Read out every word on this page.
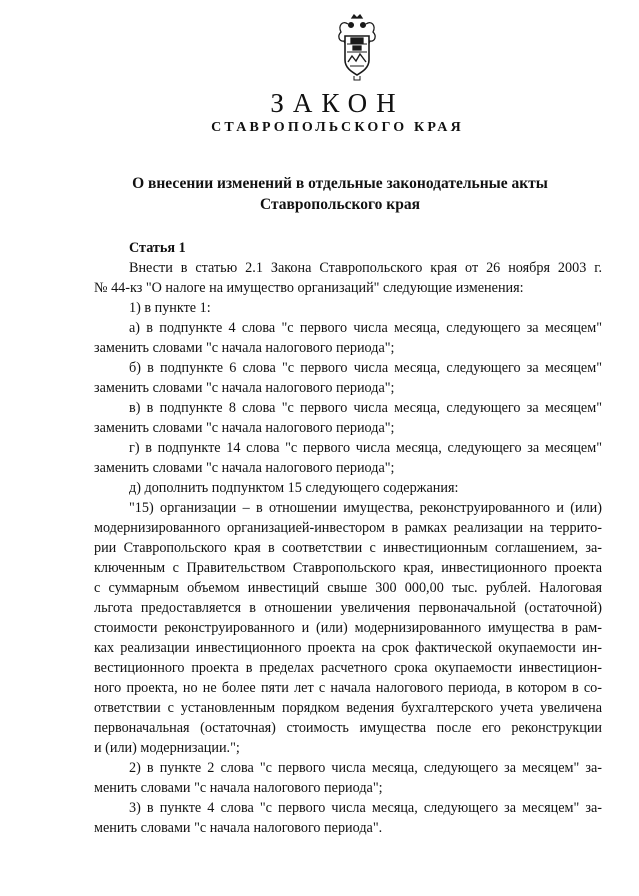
ЗАКОН
СТАВРОПОЛЬСКОГО КРАЯ
О внесении изменений в отдельные законодательные акты
Ставропольского края
Статья 1
Внести в статью 2.1 Закона Ставропольского края от 26 ноября 2003 г.
№ 44-кз "О налоге на имущество организаций" следующие изменения:
1) в пункте 1:
а) в подпункте 4 слова "с первого числа месяца, следующего за месяцем"
заменить словами "с начала налогового периода";
б) в подпункте 6 слова "с первого числа месяца, следующего за месяцем"
заменить словами "с начала налогового периода";
в) в подпункте 8 слова "с первого числа месяца, следующего за месяцем"
заменить словами "с начала налогового периода";
г) в подпункте 14 слова "с первого числа месяца, следующего за месяцем"
заменить словами "с начала налогового периода";
д) дополнить подпунктом 15 следующего содержания:
"15) организации – в отношении имущества, реконструированного и (или)
модернизированного организацией-инвестором в рамках реализации на террито-
рии Ставропольского края в соответствии с инвестиционным соглашением, за-
ключенным с Правительством Ставропольского края, инвестиционного проекта
с суммарным объемом инвестиций свыше 300 000,00 тыс. рублей. Налоговая
льгота предоставляется в отношении увеличения первоначальной (остаточной)
стоимости реконструированного и (или) модернизированного имущества в рам-
ках реализации инвестиционного проекта на срок фактической окупаемости ин-
вестиционного проекта в пределах расчетного срока окупаемости инвестицион-
ного проекта, но не более пяти лет с начала налогового периода, в котором в со-
ответствии с установленным порядком ведения бухгалтерского учета увеличена
первоначальная (остаточная) стоимость имущества после его реконструкции
и (или) модернизации.";
2) в пункте 2 слова "с первого числа месяца, следующего за месяцем" за-
менить словами "с начала налогового периода";
3) в пункте 4 слова "с первого числа месяца, следующего за месяцем" за-
менить словами "с начала налогового периода".
